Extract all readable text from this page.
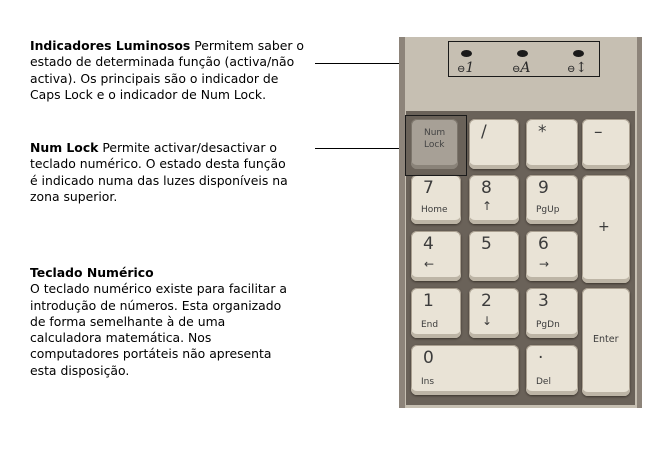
Indicadores Luminosos Permitem saber o
estado de determinada função (activa/não
activa). Os principais são o indicador de
Caps Lock e o indicador de Num Lock.
Num Lock Permite activar/desactivar o
teclado numérico. O estado desta função
é indicado numa das luzes disponíveis na
zona superior.
Teclado Numérico
O teclado numérico existe para facilitar a
introdução de números. Esta organizado
de forma semelhante à de uma
calculadora matemática. Nos
computadores portáteis não apresenta
esta disposição.
⊖1	⊖A	⊖↕
Num
Lock
/	*	–
7
Home
8
↑
9
PgUp
+
4
←
5	6
→
1
End
2
↓
3
PgDn
Enter
0
Ins
.
Del
